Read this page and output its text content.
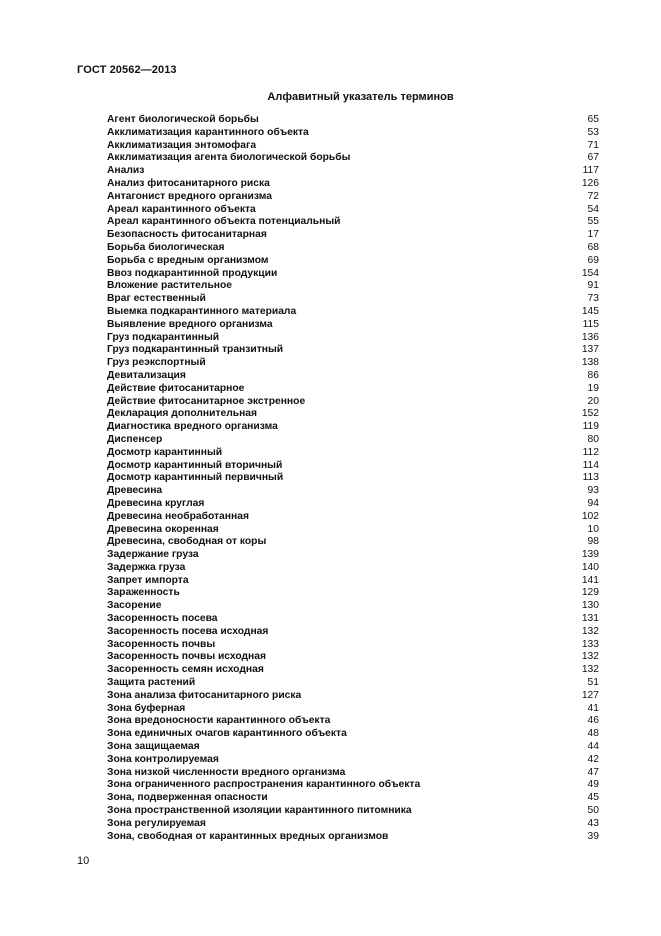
ГОСТ 20562—2013
Алфавитный указатель терминов
Агент биологической борьбы	65
Акклиматизация карантинного объекта	53
Акклиматизация энтомофага	71
Акклиматизация агента биологической борьбы	67
Анализ	117
Анализ фитосанитарного риска	126
Антагонист вредного организма	72
Ареал карантинного объекта	54
Ареал карантинного объекта потенциальный	55
Безопасность фитосанитарная	17
Борьба биологическая	68
Борьба с вредным организмом	69
Ввоз подкарантинной продукции	154
Вложение растительное	91
Враг естественный	73
Выемка подкарантинного материала	145
Выявление вредного организма	115
Груз подкарантинный	136
Груз подкарантинный транзитный	137
Груз реэкспортный	138
Девитализация	86
Действие фитосанитарное	19
Действие фитосанитарное экстренное	20
Декларация дополнительная	152
Диагностика вредного организма	119
Диспенсер	80
Досмотр карантинный	112
Досмотр карантинный вторичный	114
Досмотр карантинный первичный	113
Древесина	93
Древесина круглая	94
Древесина необработанная	102
Древесина окоренная	10
Древесина, свободная от коры	98
Задержание груза	139
Задержка груза	140
Запрет импорта	141
Зараженность	129
Засорение	130
Засоренность посева	131
Засоренность посева исходная	132
Засоренность почвы	133
Засоренность почвы исходная	132
Засоренность семян исходная	132
Защита растений	51
Зона анализа фитосанитарного риска	127
Зона буферная	41
Зона вредоносности карантинного объекта	46
Зона единичных очагов карантинного объекта	48
Зона защищаемая	44
Зона контролируемая	42
Зона низкой численности вредного организма	47
Зона ограниченного распространения карантинного объекта	49
Зона, подверженная опасности	45
Зона пространственной изоляции карантинного питомника	50
Зона регулируемая	43
Зона, свободная от карантинных вредных организмов	39
10
